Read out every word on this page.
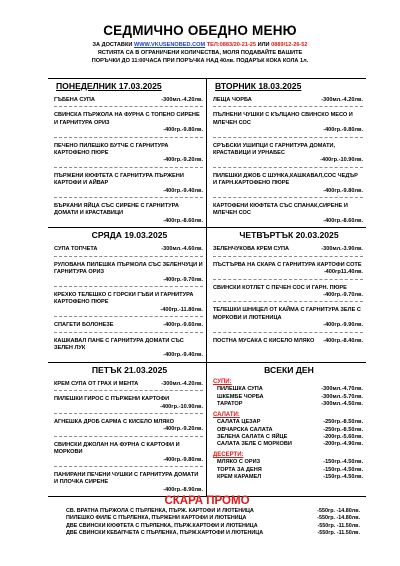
СЕДМИЧНО ОБЕДНО МЕНЮ
ЗА ДОСТАВКИ WWW.VKUSENOBED.COM ТЕЛ:0883/20-21-25 ИЛИ 0889/12-26-52
ЯСТИЯТА СА В ОГРАНИЧЕНИ КОЛИЧЕСТВА, МОЛЯ ПОДАВАЙТЕ ВАШИТЕ
ПОРЪЧКИ ДО 11:00ЧАСА ПРИ ПОРЪЧКА НАД 40лв. ПОДАРЪК КОКА КОЛА 1л.
ПОНЕДЕЛНИК 17.03.2025
ГЪБЕНА СУПА	-300мл.-4.20лв.
СВИНСКА ПЪРЖОЛА НА ФУРНА С ТОПЕНО СИРЕНЕ И ГАРНИТУРА ОРИЗ
-400гр.-9.80лв.
ПЕЧЕНО ПИЛЕШКО БУТЧЕ С ГАРНИТУРА КАРТОФЕНО ПЮРЕ
-400гр.-9.20лв.
ПЪРЖЕНИ КЮФТЕТА С ГАРНИТУРА ПЪРЖЕНИ КАРТОФИ И АЙВАР
-400гр.-9.40лв.
БЪРКАНИ ЯЙЦА СЪС СИРЕНЕ С ГАРНИТУРА ДОМАТИ И КРАСТАВИЦИ
-400гр.-8.60лв.
ВТОРНИК 18.03.2025
ЛЕЩА ЧОРБА	-300мл.-4.20лв.
ПЪЛНЕНИ ЧУШКИ С КЪЛЦАНО СВИНСКО МЕСО И МЛЕЧЕН СОС
-400гр.-9.80лв.
СРЪБСКИ УШИПЦИ С ГАРНИТУРА ДОМАТИ, КРАСТАВИЦИ И УРНАБЕС
-400гр.-10.90лв.
ПИЛЕШКИ ДЖОБ С ШУНКА,КАШКАВАЛ,СОС ЧЕДЪР И ГАРН.КАРТОФЕНО ПЮРЕ
-400гр.-9.80лв.
КАРТОФЕНИ КЮФТЕТА СЪС СПАНАК,СИРЕНЕ И МЛЕЧЕН СОС
-400гр.-8.60лв.
СРЯДА 19.03.2025
СУПА ТОПЧЕТА	-300мл.-4.60лв.
РУЛОВАНА ПИЛЕШКА ПЪРЖОЛА СЪС ЗЕЛЕНЧУЦИ И ГАРНИТУРА ОРИЗ
-400гр.-9.70лв.
КРЕХКО ТЕЛЕШКО С ГОРСКИ ГЪБИ И ГАРНИТУРА КАРТОФЕНО ПЮРЕ
-400гр.-11.80лв.
СПАГЕТИ БОЛОНЕЗЕ	-400гр.-9.60лв.
КАШКАВАЛ ПАНЕ С ГАРНИТУРА ДОМАТИ СЪС ЗЕЛЕН ЛУК
-400гр.-9.40лв.
ЧЕТВЪРТЪК 20.03.2025
ЗЕЛЕНЧУКОВА КРЕМ СУПА	-300мл.-3.90лв.
ПЪСТЪРВА НА СКАРА С ГАРНИТУРА КАРТОФИ СОТЕ
-400гр11.40лв.
СВИНСКИ КОТЛЕТ С ПЕЧЕН СОС И ГАРН. ПЮРЕ
-400гр.-9.70лв.
ТЕЛЕШКИ ШНИЦЕЛ ОТ КАЙМА С ГАРНИТУРА ЗЕЛЕ С МОРКОВИ И ЛЮТЕНИЦА
-400гр.-9.90лв.
ПОСТНА МУСАКА С КИСЕЛО МЛЯКО -400гр.-8.40лв.
ПЕТЪК 21.03.2025
КРЕМ СУПА ОТ ГРАХ И МЕНТА	-300мл.-4.20лв.
ПИЛЕШКИ ГИРОС С ПЪРЖЕНИ КАРТОФИ
-400гр.-10.90лв.
АГНЕШКА ДРОБ САРМА С КИСЕЛО МЛЯКО
-400гр.-9.20лв.
СВИНСКИ ДЖОЛАН НА ФУРНА С КАРТОФИ И МОРКОВИ
-400гр.-9.80лв.
ПАНИРАНИ ПЕЧЕНИ ЧУШКИ С ГАРНИТУРА ДОМАТИ И ПЛОЧКА СИРЕНЕ
-400гр.-8.90лв.
ВСЕКИ ДЕН
СУПИ:
ПИЛЕШКА СУПА	-300мл.-4.70лв.
ШКЕМБЕ ЧОРБА	-300мл.-5.70лв.
ТАРАТОР	-300мл.-4.50лв.
САЛАТИ:
САЛАТА ЦЕЗАР	-250гр.-8.50лв.
ОВЧАРСКА САЛАТА	-250гр.-8.50лв.
ЗЕЛЕНА САЛАТА С ЯЙЦЕ	-200гр.-5.60лв.
САЛАТА ЗЕЛЕ С МОРКОВИ	-200гр.-4.90лв.
ДЕСЕРТИ:
МЛЯКО С ОРИЗ	-150гр.-4.50лв.
ТОРТА ЗА ДЕНЯ	-150гр.-4.50лв.
КРЕМ КАРАМЕЛ	-150гр.-4.50лв.
СКАРА ПРОМО
СВ. ВРАТНА ПЪРЖОЛА С ПЪРЛЕНКА, ПЪРЖ. КАРТОФИ И ЛЮТЕНИЦА	-550гр. -14.80лв.
ПИЛЕШКО ФИЛЕ С ПЪРЛЕНКА, ПЪРЖЕНИ КАРТОФИ И ЛЮТЕНИЦА	-550гр. -14.80лв.
ДВЕ СВИНСКИ КЮФТЕТА С ПЪРЛЕНКА, ПЪРЖ.КАРТОФИ И ЛЮТЕНИЦА	-550гр. -11.50лв.
ДВЕ СВИНСКИ КЕБАПЧЕТА С ПЪРЛЕНКА, ПЪРЖ.КАРТОФИ И ЛЮТЕНИЦА	-550гр. -11.50лв.
